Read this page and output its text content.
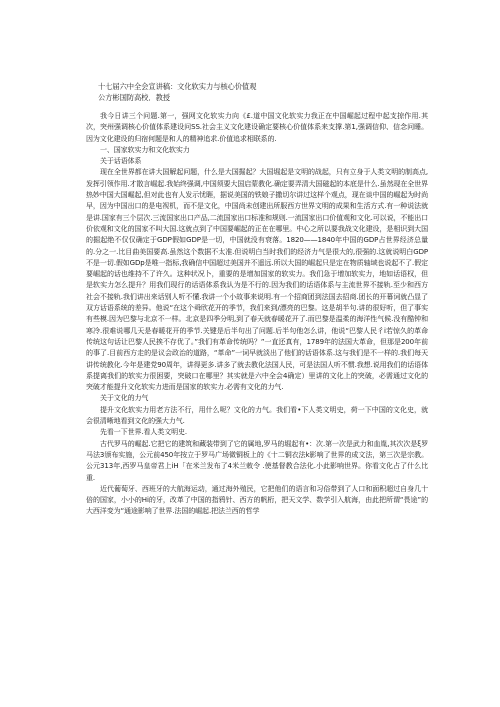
十七届六中全会宣讲稿：文化软实力与核心价值观

公方彬国防高校．教授

我今日讲三个问题.第一，强网文化软实力向《£.道中国文化软实力我正在中国崛起过程中起支掠作用.其次，突州强调核心价值体系建设问SS.社会主义文化建设确定要核心价值体系来支撑.第1,强调信仰、信念问睡。因为文化建设的归宿何题是和人的精神追求.价值追求相联系的.

一、国家软实力和文化软实力

关于话语体系

现在全世界都在讲大国解起问题，什么是大国掘起？大国堀起是文明的战起，只有立身于人类文明的制高点,发挥引领作用.才散言崛起.我始终强调,中国须要大国启蒙教化.确定要弄清大国磁起的本底是什么.虽然现在全世界热妙中国大国崛起,但对此也有人发示忧睚，据说美国的铁娘子撒切尔讲过这样个观点，现在谈中国的崛起为时尚早，因为中国出口的是电视机，而不是文化，中国尚未创建出所服西方世界文明的成果和生活方式.有一种说法就是讲.国家有三个层次.三流国家出口产品,二流国家出口标准和规则.一流国家出口价值观和文化.可以说，不能出口价依观和文化的国家不叫大国.这就点到了中国要崛起的正在在哪里。中心之所以要我战文化建设，是相识到大国的掘起绝不仅仅确定于GDP假如GDP是一切，中国就没有衰落。1820——1840年中国的GDP占世界经济总量的.分之一.比目曲美国要高.虽然这个数据不太准.但说明白当时我们的经济力气是很大的,很强的.这就说明白GDP不是一切.假如GDp是唯一指标,我确信中国超过美国并不遥远.所以大国的崛起只是定在物质轴域也说起不了.假定要崛起的话也维持不了许久。这种状况卜，重要的是增加国家的软实力。我们急于增加软实力，地如话语权，但是软实力怎么提升？用我们现行的话语体系我认为是不行的.因为我们的话语体系与主流世界不接轨.至少和西方社会不接轨.我们讲出来话别人听不懂.我讲一个小故事来说明.有一个招商团到法国去招商.团长的开幕词就凸显了双方话语系统的差异。他说“在这个舜欣花开的季节，我们来到/漂亮的巴黎。这是胡半句.讲的很好听，但了事实有些模.因为巴黎与北京不一样。北京是四季分明,到了春天就春暖花开了.而巴黎是温柔的海洋性气候.没有酷钟和寒冷.很难说哪几天是春暖花开的季节.关键是后半句出了问题.后半句他怎么讲，他说“巴黎人民彳i若惊久的革命传统这句话让巴黎人民挨不存优了。”我们有革命传统吗？”一直还真有，1789年的法国大革命，但那是200年前的事了.目前西方走的是议会政治的道路，“革命”一词早就淡出了他们的话语体系.这与我们是不一样的.我们每天讲传统教化.今年是建党90周年，讲得更多.讲多了就去教化法国人民，可是法国人听不惯.我想.说用我们的话语体系提离我们的软实力很困要，突破口在哪里？其实就是六中全会4确定）里讲的文化上的突破，必需通过文化的突破才能提升文化软实力进而是国家的软实力.必需有文化的力气.

关于文化的力气

提升文化软实力用老方法不行，用什么呢？文化的力气。我们看•下人类文明史，荷一下中国的文化史，就会很清晰地看到文化的强大力气.

先看一下世界.看人类文明史.

古代罗马的崛起.它把它的建筑和藏装带到了它的属地,罗马的堀起有•：次.第一次是武力和血胤,其次次是ξ罗马法3颁布实施，公元前450年按立于罗马广场微铜板上的《十二铜衣法k影响了世界的成文法，第三次是宗教。公元313年,西罗马皇帝君上iH「在米兰发布了4米兰敕令 .使基督教合法化.小此影响世界。你看文化占了什么比重.

近代葡萄牙、西班牙的大航海运动，通过海外殖民，它把他们的语言和习俗带到了人口和面积超过自身几十倍的国家，小小的Hi的牙，改革了中国的指鸦针、西方的帆桁，把天文学、数学引入航海，由此把所谓“畏途”的大西洋变为“通途影响了世界.法国的崛起.把法兰西的哲学
